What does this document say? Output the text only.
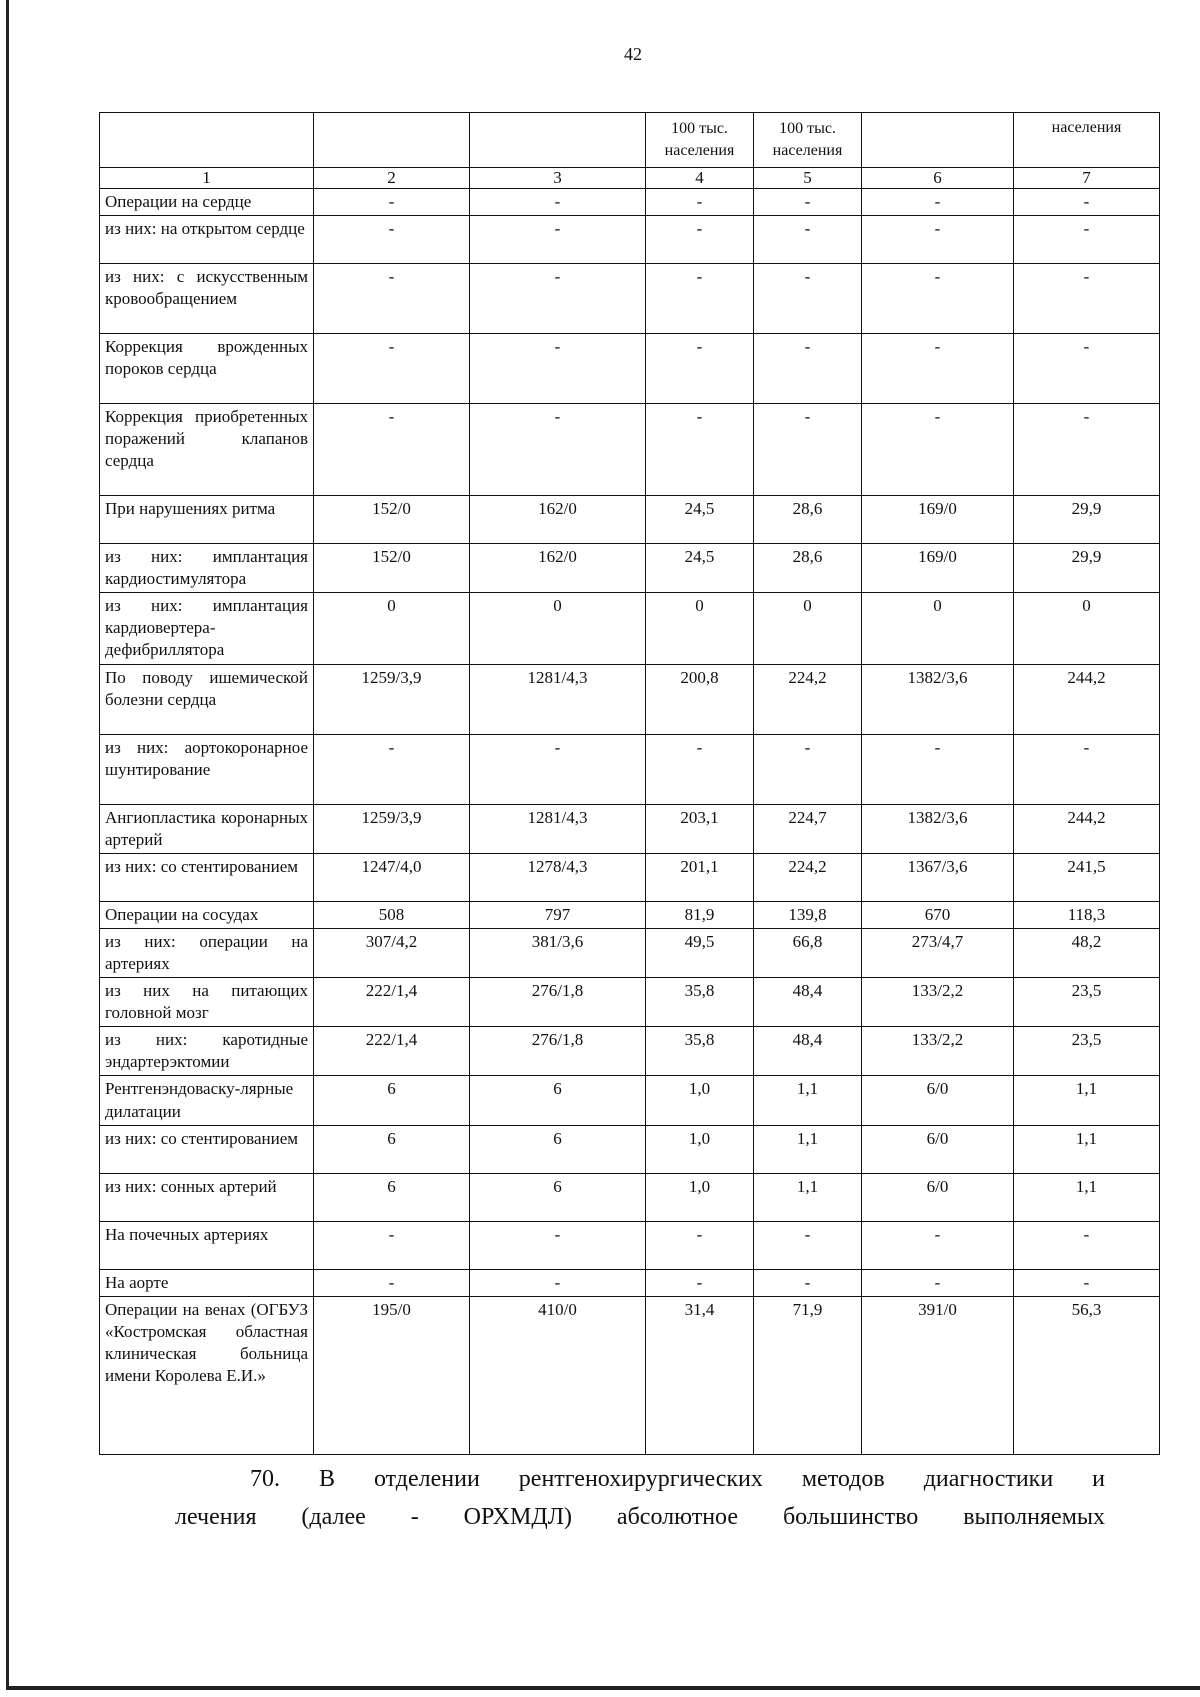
42
			100 тыс. населения	100 тыс. населения		населения
1	2	3	4	5	6	7
Операции на сердце	-	-	-	-	-	-
из них: на открытом сердце	-	-	-	-	-	-
из них: с искусственным кровообращением	-	-	-	-	-	-
Коррекция врожденных пороков сердца	-	-	-	-	-	-
Коррекция приобретенных поражений клапанов сердца	-	-	-	-	-	-
При нарушениях ритма	152/0	162/0	24,5	28,6	169/0	29,9
из них: имплантация кардиостимулятора	152/0	162/0	24,5	28,6	169/0	29,9
из них: имплантация кардиовертера-дефибриллятора	0	0	0	0	0	0
По поводу ишемической болезни сердца	1259/3,9	1281/4,3	200,8	224,2	1382/3,6	244,2
из них: аортокоронарное шунтирование	-	-	-	-	-	-
Ангиопластика коронарных артерий	1259/3,9	1281/4,3	203,1	224,7	1382/3,6	244,2
из них: со стентированием	1247/4,0	1278/4,3	201,1	224,2	1367/3,6	241,5
Операции на сосудах	508	797	81,9	139,8	670	118,3
из них: операции на артериях	307/4,2	381/3,6	49,5	66,8	273/4,7	48,2
из них на питающих головной мозг	222/1,4	276/1,8	35,8	48,4	133/2,2	23,5
из них: каротидные эндартерэктомии	222/1,4	276/1,8	35,8	48,4	133/2,2	23,5
Рентгенэндоваску-лярные дилатации	6	6	1,0	1,1	6/0	1,1
из них: со стентированием	6	6	1,0	1,1	6/0	1,1
из них: сонных артерий	6	6	1,0	1,1	6/0	1,1
На почечных артериях	-	-	-	-	-	-
На аорте	-	-	-	-	-	-
Операции на венах (ОГБУЗ «Костромская областная клиническая больница имени Королева Е.И.»	195/0	410/0	31,4	71,9	391/0	56,3
70. В отделении рентгенохирургических методов диагностики и
лечения (далее - ОРХМДЛ) абсолютное большинство выполняемых
